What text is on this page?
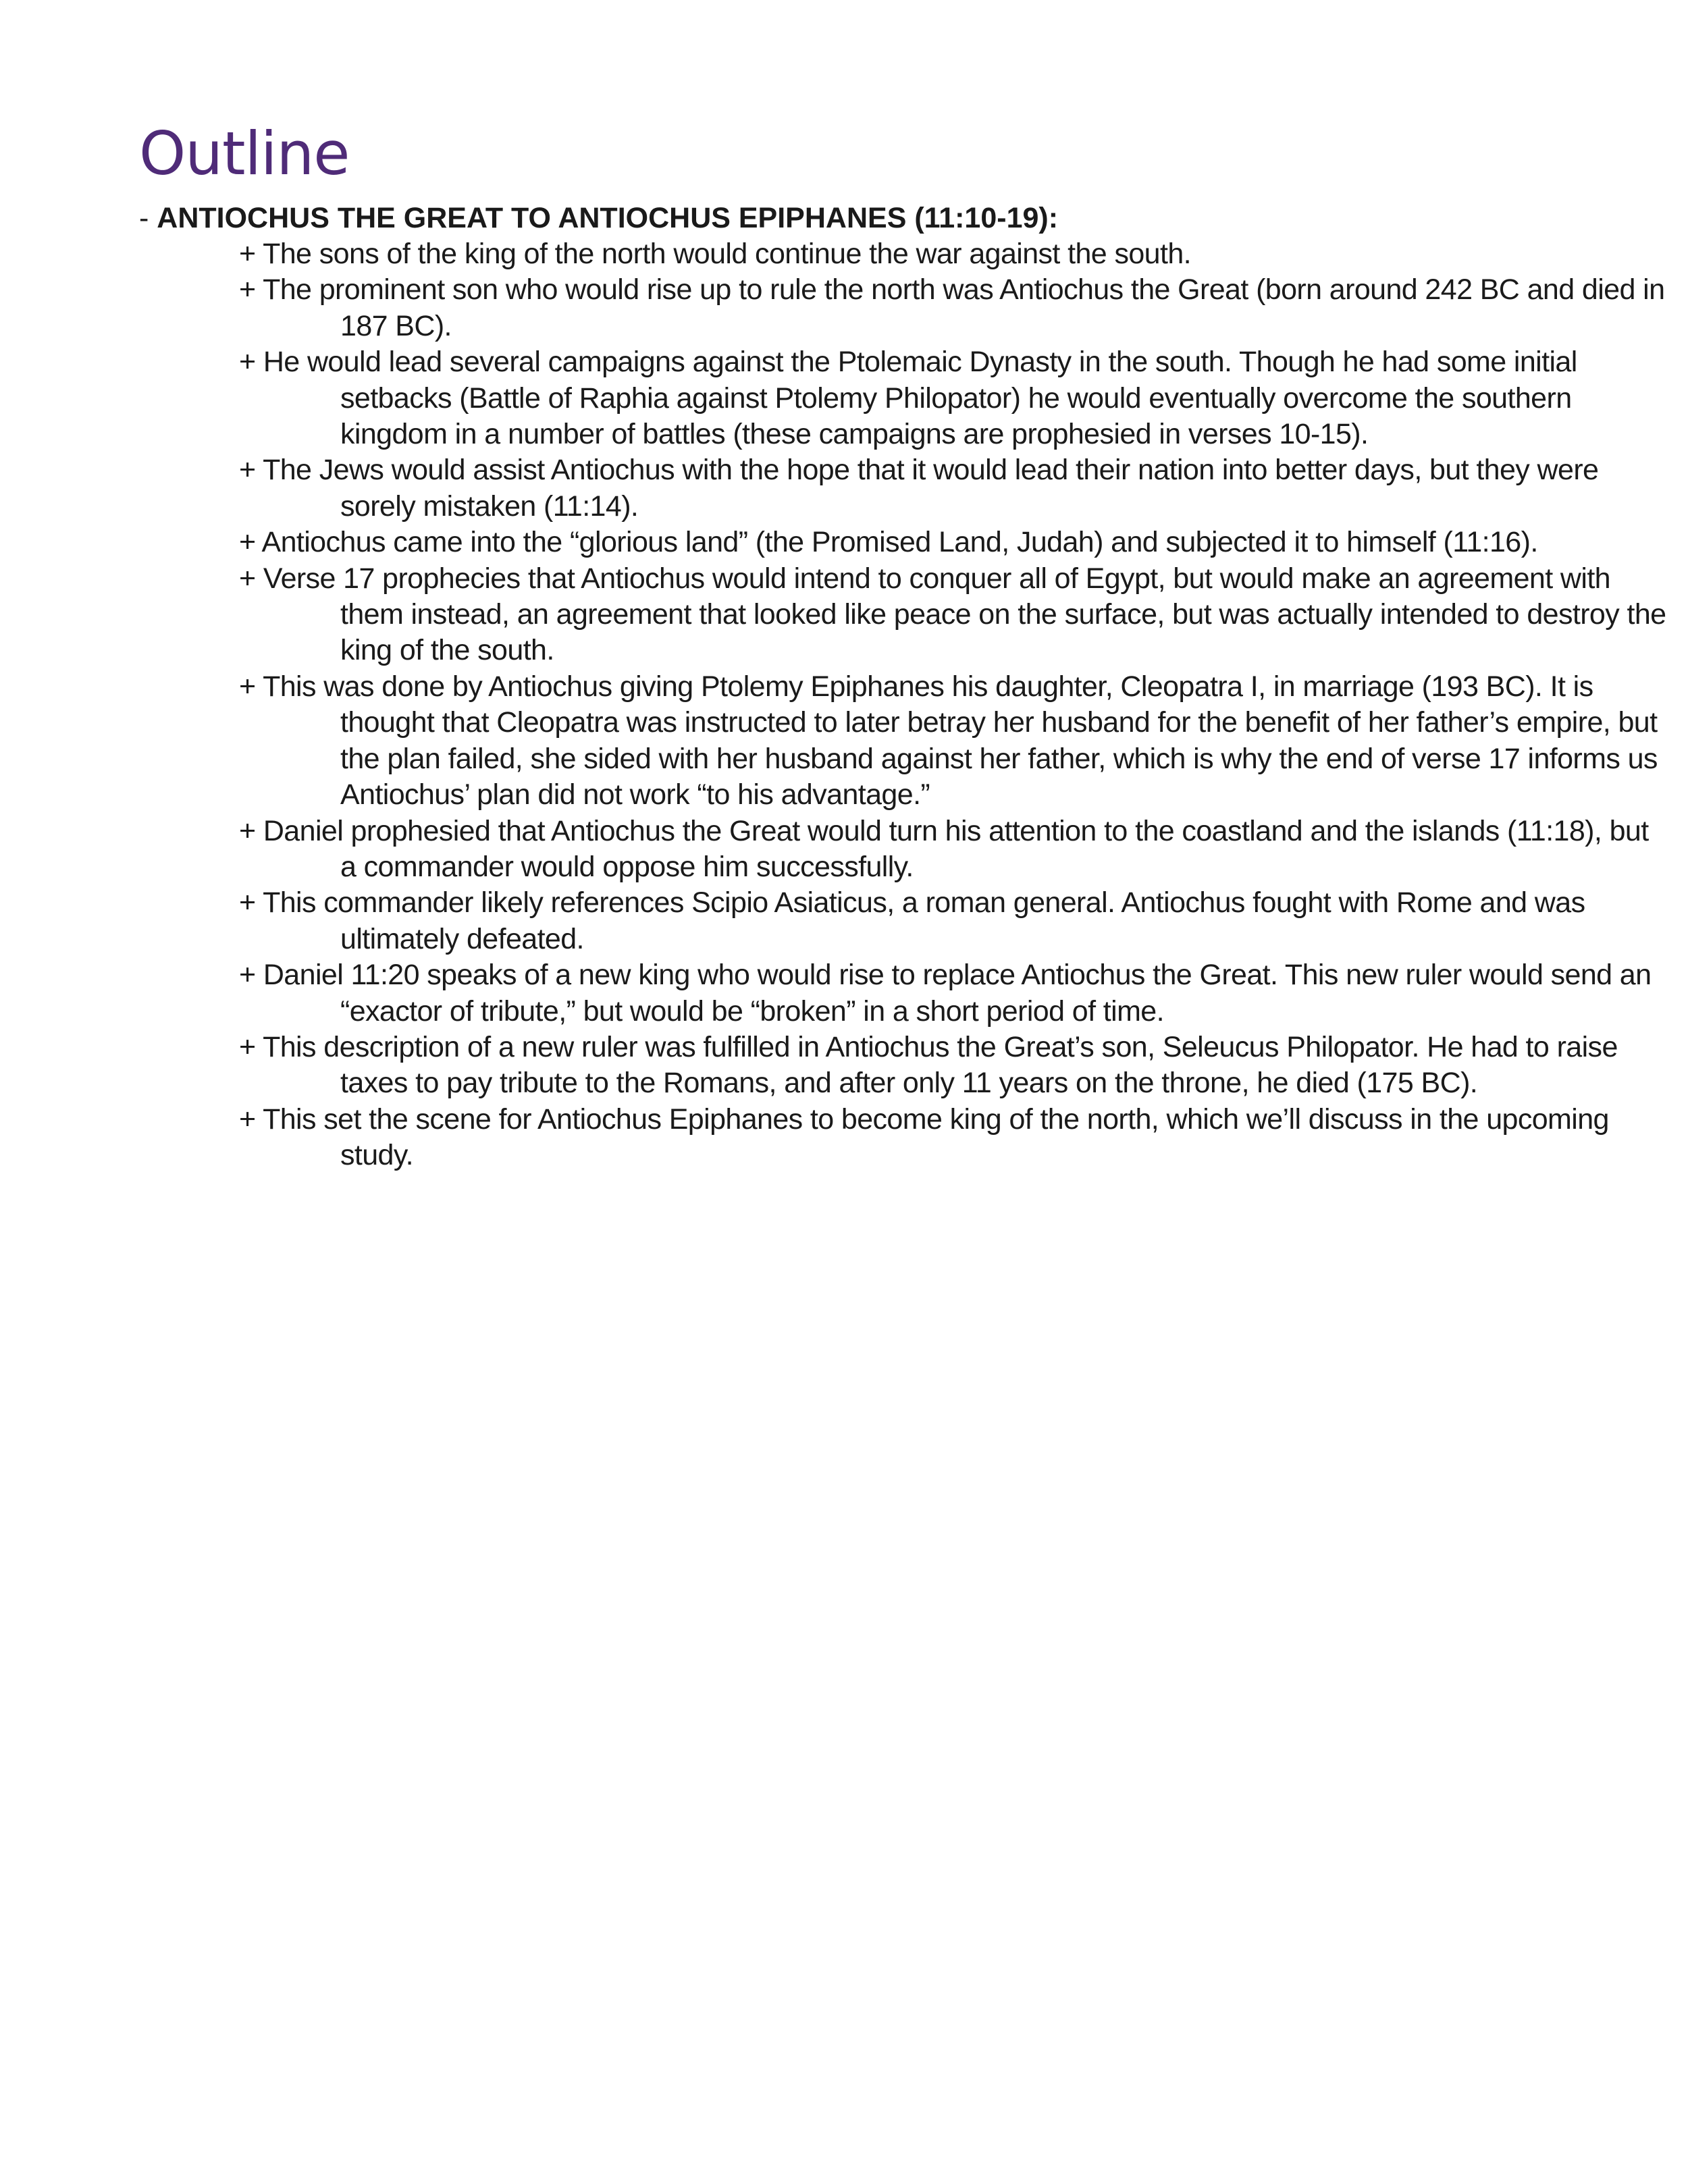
Outline
- ANTIOCHUS THE GREAT TO ANTIOCHUS EPIPHANES (11:10-19):
+ The sons of the king of the north would continue the war against the south.
+ The prominent son who would rise up to rule the north was Antiochus the Great (born around 242 BC and died in 187 BC).
+ He would lead several campaigns against the Ptolemaic Dynasty in the south. Though he had some initial setbacks (Battle of Raphia against Ptolemy Philopator) he would eventually overcome the southern kingdom in a number of battles (these campaigns are prophesied in verses 10-15).
+ The Jews would assist Antiochus with the hope that it would lead their nation into better days, but they were sorely mistaken (11:14).
+ Antiochus came into the “glorious land” (the Promised Land, Judah) and subjected it to himself (11:16).
+ Verse 17 prophecies that Antiochus would intend to conquer all of Egypt, but would make an agreement with them instead, an agreement that looked like peace on the surface, but was actually intended to destroy the king of the south.
+ This was done by Antiochus giving Ptolemy Epiphanes his daughter, Cleopatra I, in marriage (193 BC). It is thought that Cleopatra was instructed to later betray her husband for the benefit of her father’s empire, but the plan failed, she sided with her husband against her father, which is why the end of verse 17 informs us Antiochus’ plan did not work “to his advantage.”
+ Daniel prophesied that Antiochus the Great would turn his attention to the coastland and the islands (11:18), but a commander would oppose him successfully.
+ This commander likely references Scipio Asiaticus, a roman general. Antiochus fought with Rome and was ultimately defeated.
+ Daniel 11:20 speaks of a new king who would rise to replace Antiochus the Great. This new ruler would send an “exactor of tribute,” but would be “broken” in a short period of time.
+ This description of a new ruler was fulfilled in Antiochus the Great’s son, Seleucus Philopator. He had to raise taxes to pay tribute to the Romans, and after only 11 years on the throne, he died (175 BC).
+ This set the scene for Antiochus Epiphanes to become king of the north, which we’ll discuss in the upcoming study.
